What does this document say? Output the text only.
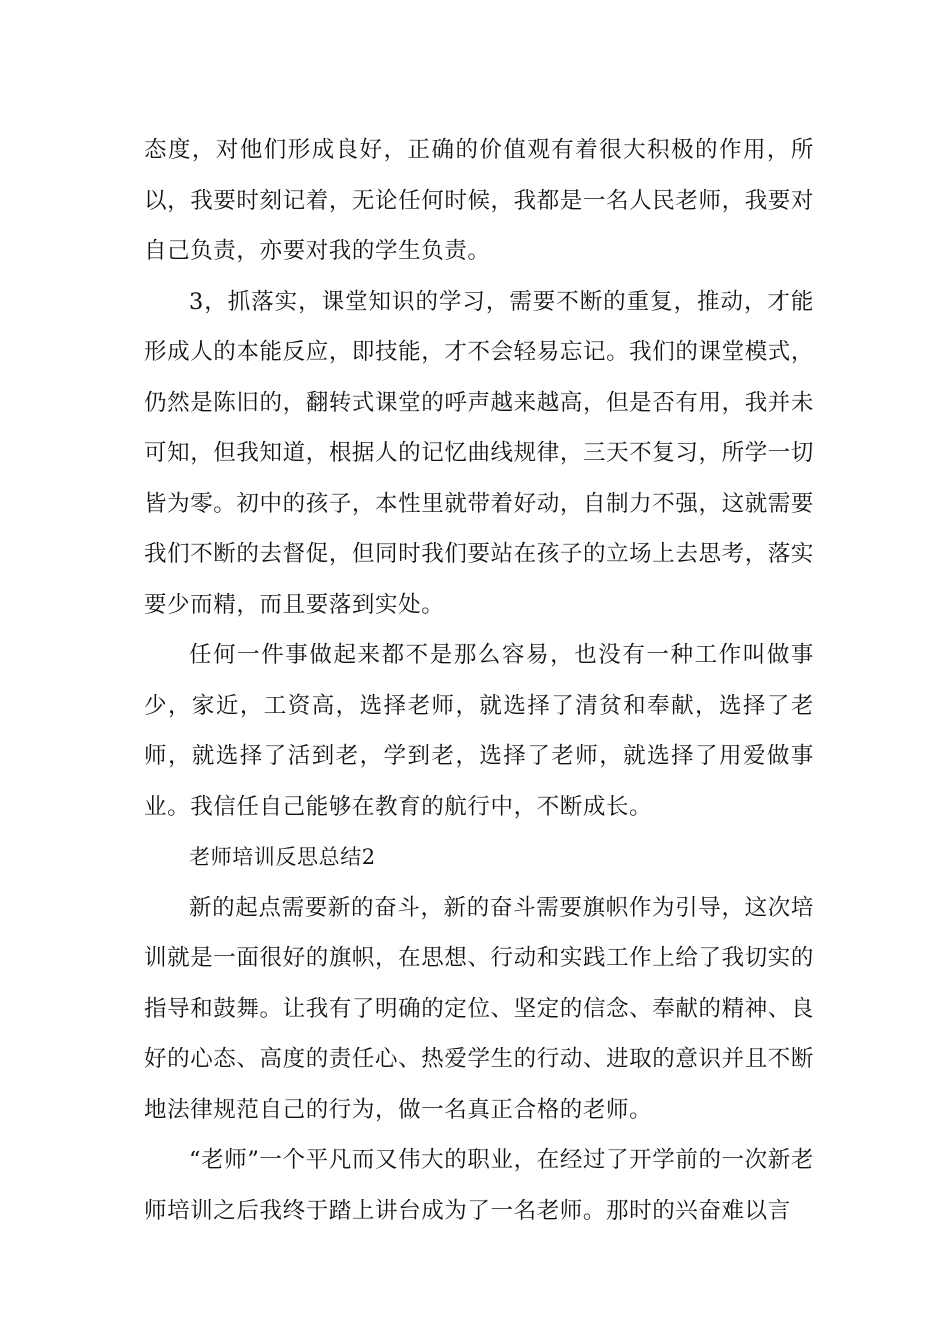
态度，对他们形成良好，正确的价值观有着很大积极的作用，所以，我要时刻记着，无论任何时候，我都是一名人民老师，我要对自己负责，亦要对我的学生负责。

3，抓落实，课堂知识的学习，需要不断的重复，推动，才能形成人的本能反应，即技能，才不会轻易忘记。我们的课堂模式，仍然是陈旧的，翻转式课堂的呼声越来越高，但是否有用，我并未可知，但我知道，根据人的记忆曲线规律，三天不复习，所学一切皆为零。初中的孩子，本性里就带着好动，自制力不强，这就需要我们不断的去督促，但同时我们要站在孩子的立场上去思考，落实要少而精，而且要落到实处。

任何一件事做起来都不是那么容易，也没有一种工作叫做事少，家近，工资高，选择老师，就选择了清贫和奉献，选择了老师，就选择了活到老，学到老，选择了老师，就选择了用爱做事业。我信任自己能够在教育的航行中，不断成长。

老师培训反思总结2

新的起点需要新的奋斗，新的奋斗需要旗帜作为引导，这次培训就是一面很好的旗帜，在思想、行动和实践工作上给了我切实的指导和鼓舞。让我有了明确的定位、坚定的信念、奉献的精神、良好的心态、高度的责任心、热爱学生的行动、进取的意识并且不断地法律规范自己的行为，做一名真正合格的老师。

“老师”一个平凡而又伟大的职业，在经过了开学前的一次新老师培训之后我终于踏上讲台成为了一名老师。那时的兴奋难以言
